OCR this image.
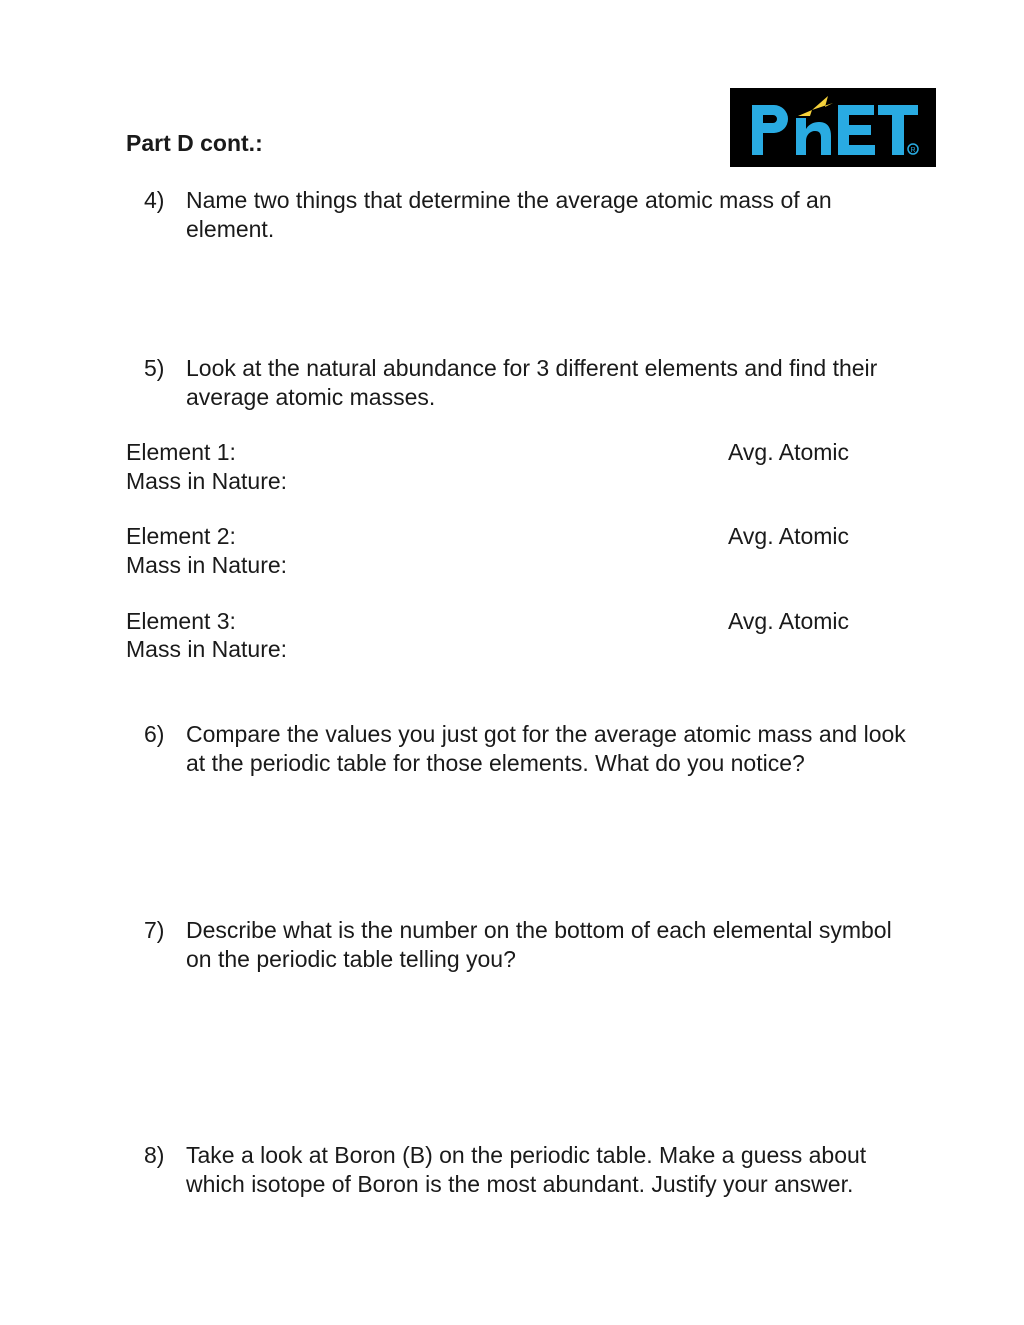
Part D cont.:	R
4) Name two things that determine the average atomic mass of an element.
5) Look at the natural abundance for 3 different elements and find their average atomic masses.
Element 1:	Avg. Atomic
Mass in Nature:
Element 2:	Avg. Atomic
Mass in Nature:
Element 3:	Avg. Atomic
Mass in Nature:
6) Compare the values you just got for the average atomic mass and look at the periodic table for those elements. What do you notice?
7) Describe what is the number on the bottom of each elemental symbol on the periodic table telling you?
8) Take a look at Boron (B) on the periodic table. Make a guess about which isotope of Boron is the most abundant. Justify your answer.
